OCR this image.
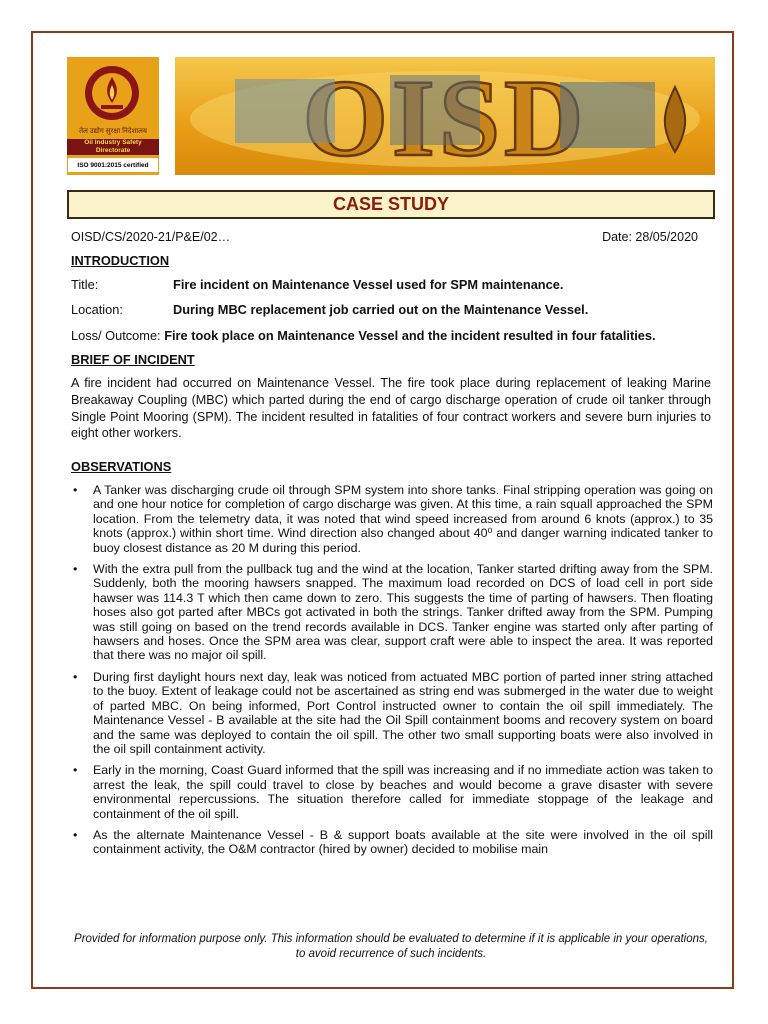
तेल उद्योग सुरक्षा निदेशालय
Oil Industry Safety Directorate
ISO 9001:2015 certified
CASE STUDY
OISD/CS/2020-21/P&E/02…	Date: 28/05/2020
INTRODUCTION
Title:	Fire incident on Maintenance Vessel used for SPM maintenance.
Location:	During MBC replacement job carried out on the Maintenance Vessel.
Loss/ Outcome: Fire took place on Maintenance Vessel and the incident resulted in four fatalities.
BRIEF OF INCIDENT

A fire incident had occurred on Maintenance Vessel. The fire took place during replacement of leaking Marine Breakaway Coupling (MBC) which parted during the end of cargo discharge operation of crude oil tanker through Single Point Mooring (SPM). The incident resulted in fatalities of four contract workers and severe burn injuries to eight other workers.

OBSERVATIONS
• A Tanker was discharging crude oil through SPM system into shore tanks. Final stripping operation was going on and one hour notice for completion of cargo discharge was given. At this time, a rain squall approached the SPM location. From the telemetry data, it was noted that wind speed increased from around 6 knots (approx.) to 35 knots (approx.) within short time. Wind direction also changed about 40⁰ and danger warning indicated tanker to buoy closest distance as 20 M during this period.
• With the extra pull from the pullback tug and the wind at the location, Tanker started drifting away from the SPM. Suddenly, both the mooring hawsers snapped. The maximum load recorded on DCS of load cell in port side hawser was 114.3 T which then came down to zero. This suggests the time of parting of hawsers. Then floating hoses also got parted after MBCs got activated in both the strings. Tanker drifted away from the SPM. Pumping was still going on based on the trend records available in DCS. Tanker engine was started only after parting of hawsers and hoses. Once the SPM area was clear, support craft were able to inspect the area. It was reported that there was no major oil spill.
• During first daylight hours next day, leak was noticed from actuated MBC portion of parted inner string attached to the buoy. Extent of leakage could not be ascertained as string end was submerged in the water due to weight of parted MBC. On being informed, Port Control instructed owner to contain the oil spill immediately. The Maintenance Vessel - B available at the site had the Oil Spill containment booms and recovery system on board and the same was deployed to contain the oil spill. The other two small supporting boats were also involved in the oil spill containment activity.
• Early in the morning, Coast Guard informed that the spill was increasing and if no immediate action was taken to arrest the leak, the spill could travel to close by beaches and would become a grave disaster with severe environmental repercussions. The situation therefore called for immediate stoppage of the leakage and containment of the oil spill.
• As the alternate Maintenance Vessel - B & support boats available at the site were involved in the oil spill containment activity, the O&M contractor (hired by owner) decided to mobilise main
Provided for information purpose only. This information should be evaluated to determine if it is applicable in your operations, to avoid recurrence of such incidents.
